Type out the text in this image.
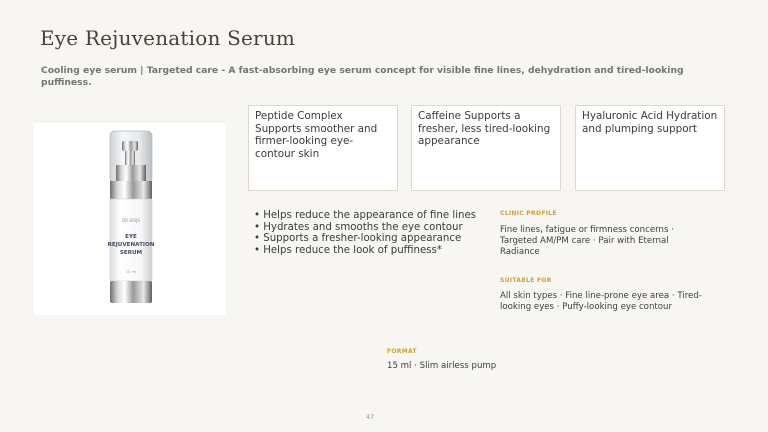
Eye Rejuvenation Serum
Cooling eye serum | Targeted care - A fast-absorbing eye serum concept for visible fine lines, dehydration and tired-looking puffiness.
DR GRIJS
EYE
REJUVENATION
SERUM
15 ml
Peptide Complex Supports smoother and firmer-looking eye-contour skin
Caffeine Supports a fresher, less tired-looking appearance
Hyaluronic Acid Hydration and plumping support
• Helps reduce the appearance of fine lines
• Hydrates and smooths the eye contour
• Supports a fresher-looking appearance
• Helps reduce the look of puffiness*
CLINIC PROFILE
Fine lines, fatigue or firmness concerns · Targeted AM/PM care · Pair with Eternal Radiance
SUITABLE FOR
All skin types · Fine line-prone eye area · Tired-looking eyes · Puffy-looking eye contour
FORMAT
15 ml · Slim airless pump
47
